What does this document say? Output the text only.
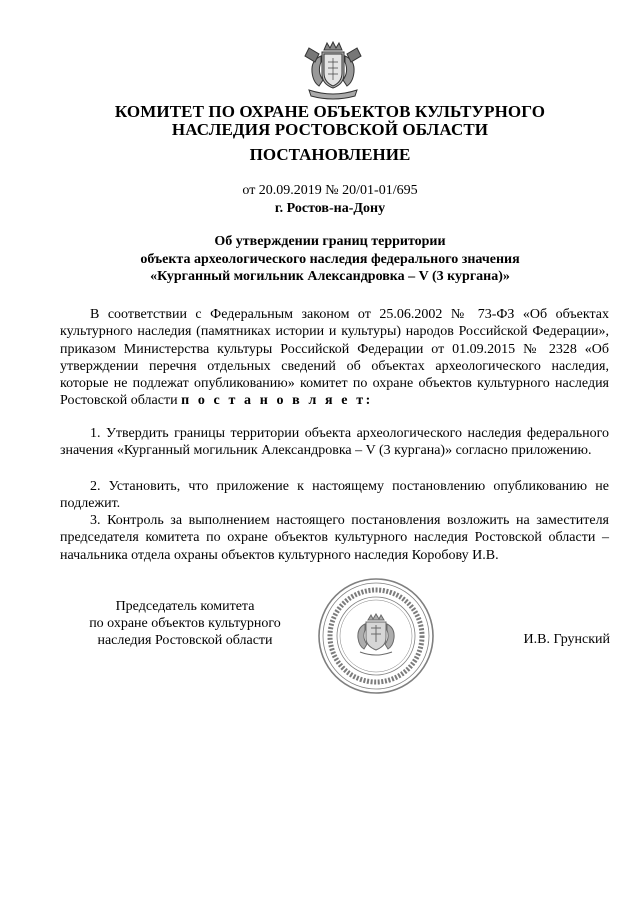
КОМИТЕТ ПО ОХРАНЕ ОБЪЕКТОВ КУЛЬТУРНОГО
НАСЛЕДИЯ РОСТОВСКОЙ ОБЛАСТИ
ПОСТАНОВЛЕНИЕ
от 20.09.2019 № 20/01-01/695
г. Ростов-на-Дону
Об утверждении границ территории
объекта археологического наследия федерального значения
«Курганный могильник Александровка – V (3 кургана)»

В соответствии с Федеральным законом от 25.06.2002 № 73-ФЗ «Об объектах культурного наследия (памятниках истории и культуры) народов Российской Федерации», приказом Министерства культуры Российской Федерации от 01.09.2015 № 2328 «Об утверждении перечня отдельных сведений об объектах археологического наследия, которые не подлежат опубликованию» комитет по охране объектов культурного наследия Ростовской области п о с т а н о в л я е т:

1. Утвердить границы территории объекта археологического наследия федерального значения «Курганный могильник Александровка – V (3 кургана)» согласно приложению.

2. Установить, что приложение к настоящему постановлению опубликованию не подлежит.

3. Контроль за выполнением настоящего постановления возложить на заместителя председателя комитета по охране объектов культурного наследия Ростовской области – начальника отдела охраны объектов культурного наследия Коробову И.В.

Председатель комитета
по охране объектов культурного
наследия Ростовской области	И.В. Грунский
